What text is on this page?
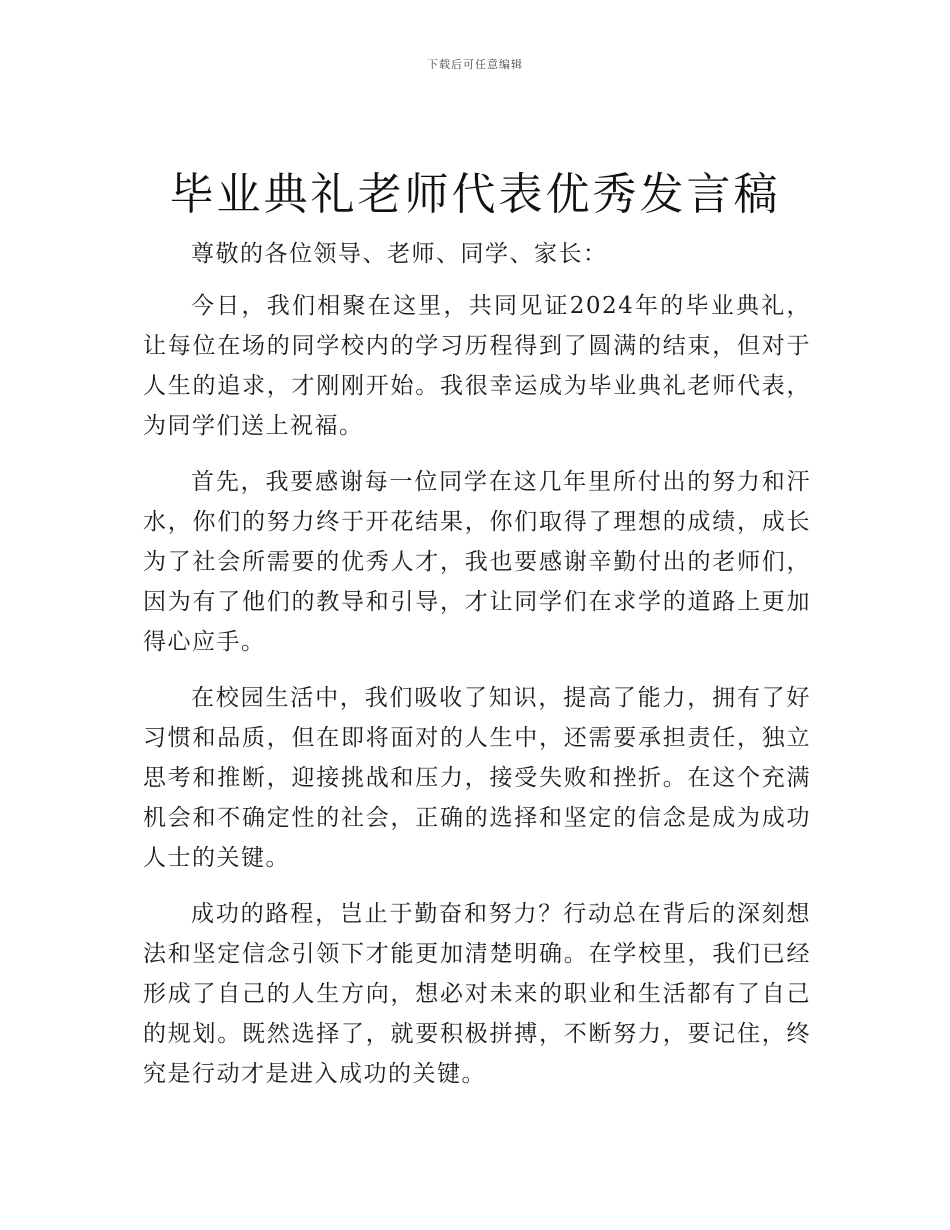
下载后可任意编辑
毕业典礼老师代表优秀发言稿

尊敬的各位领导、老师、同学、家长：

今日，我们相聚在这里，共同见证2024年的毕业典礼，让每位在场的同学校内的学习历程得到了圆满的结束，但对于人生的追求，才刚刚开始。我很幸运成为毕业典礼老师代表，为同学们送上祝福。

首先，我要感谢每一位同学在这几年里所付出的努力和汗水，你们的努力终于开花结果，你们取得了理想的成绩，成长为了社会所需要的优秀人才，我也要感谢辛勤付出的老师们，因为有了他们的教导和引导，才让同学们在求学的道路上更加得心应手。

在校园生活中，我们吸收了知识，提高了能力，拥有了好习惯和品质，但在即将面对的人生中，还需要承担责任，独立思考和推断，迎接挑战和压力，接受失败和挫折。在这个充满机会和不确定性的社会，正确的选择和坚定的信念是成为成功人士的关键。

成功的路程，岂止于勤奋和努力？行动总在背后的深刻想法和坚定信念引领下才能更加清楚明确。在学校里，我们已经形成了自己的人生方向，想必对未来的职业和生活都有了自己的规划。既然选择了，就要积极拼搏，不断努力，要记住，终究是行动才是进入成功的关键。
